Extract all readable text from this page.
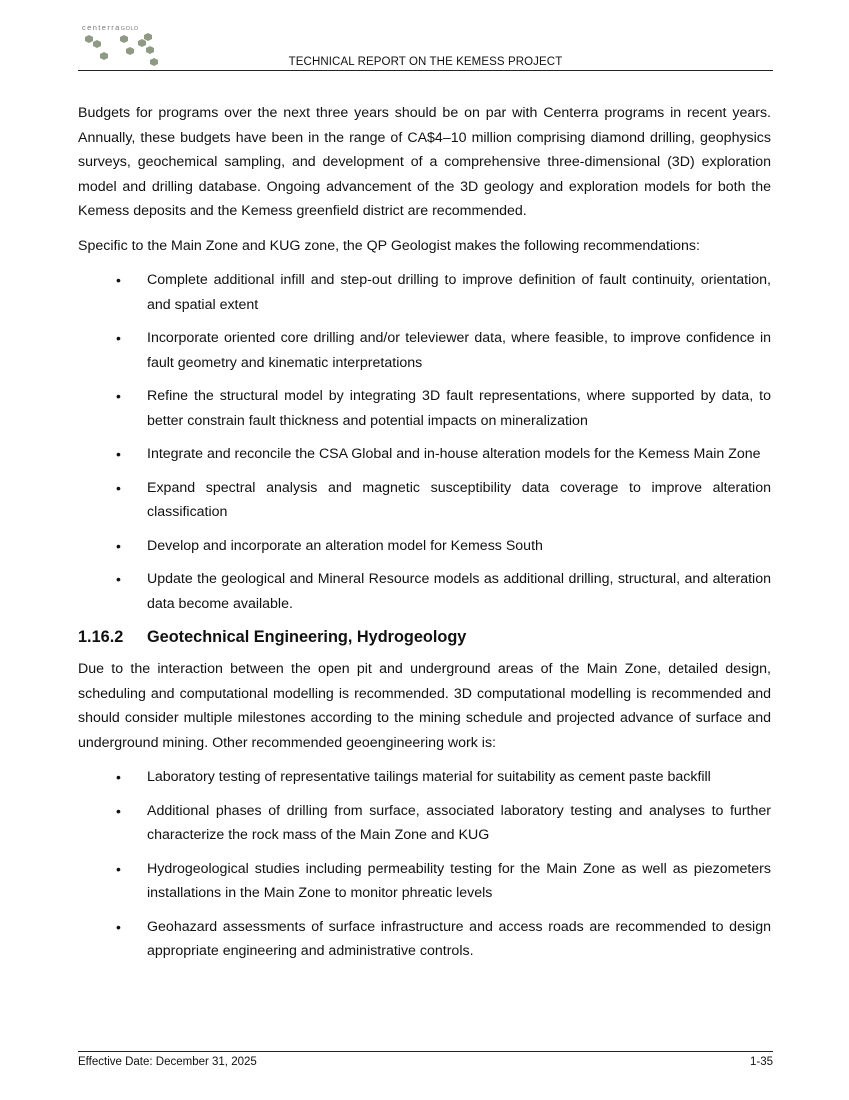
centerraGOLD
TECHNICAL REPORT ON THE KEMESS PROJECT

Budgets for programs over the next three years should be on par with Centerra programs in recent years. Annually, these budgets have been in the range of CA$4–10 million comprising diamond drilling, geophysics surveys, geochemical sampling, and development of a comprehensive three-dimensional (3D) exploration model and drilling database. Ongoing advancement of the 3D geology and exploration models for both the Kemess deposits and the Kemess greenfield district are recommended.

Specific to the Main Zone and KUG zone, the QP Geologist makes the following recommendations:

• Complete additional infill and step-out drilling to improve definition of fault continuity, orientation, and spatial extent
• Incorporate oriented core drilling and/or televiewer data, where feasible, to improve confidence in fault geometry and kinematic interpretations
• Refine the structural model by integrating 3D fault representations, where supported by data, to better constrain fault thickness and potential impacts on mineralization
• Integrate and reconcile the CSA Global and in-house alteration models for the Kemess Main Zone
• Expand spectral analysis and magnetic susceptibility data coverage to improve alteration classification
• Develop and incorporate an alteration model for Kemess South
• Update the geological and Mineral Resource models as additional drilling, structural, and alteration data become available.
1.16.2 Geotechnical Engineering, Hydrogeology

Due to the interaction between the open pit and underground areas of the Main Zone, detailed design, scheduling and computational modelling is recommended. 3D computational modelling is recommended and should consider multiple milestones according to the mining schedule and projected advance of surface and underground mining. Other recommended geoengineering work is:

• Laboratory testing of representative tailings material for suitability as cement paste backfill
• Additional phases of drilling from surface, associated laboratory testing and analyses to further characterize the rock mass of the Main Zone and KUG
• Hydrogeological studies including permeability testing for the Main Zone as well as piezometers installations in the Main Zone to monitor phreatic levels
• Geohazard assessments of surface infrastructure and access roads are recommended to design appropriate engineering and administrative controls.
Effective Date: December 31, 2025	1-35
